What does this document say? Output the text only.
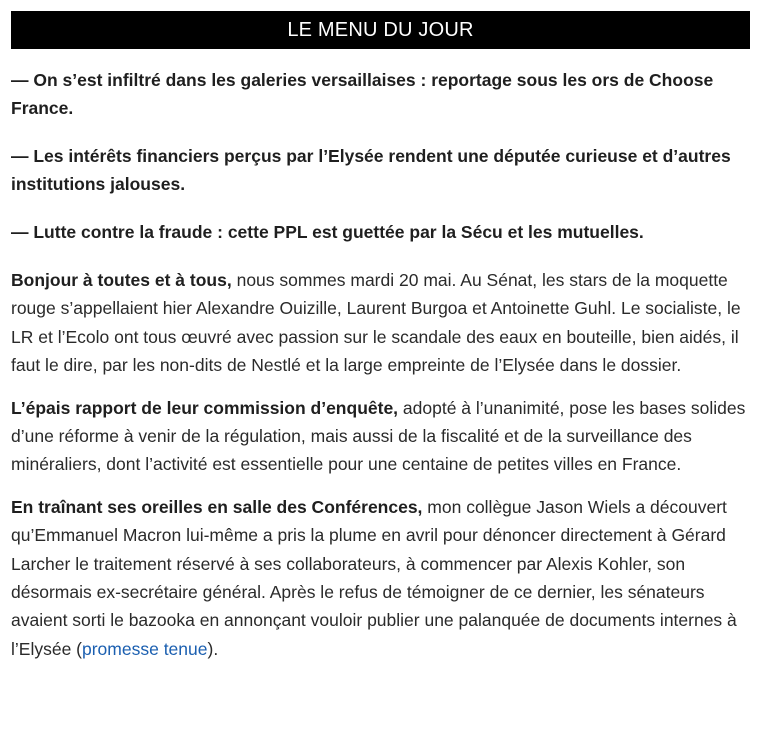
LE MENU DU JOUR

— On s’est infiltré dans les galeries versaillaises : reportage sous les ors de Choose France.

— Les intérêts financiers perçus par l’Elysée rendent une députée curieuse et d’autres institutions jalouses.

— Lutte contre la fraude : cette PPL est guettée par la Sécu et les mutuelles.

Bonjour à toutes et à tous, nous sommes mardi 20 mai. Au Sénat, les stars de la moquette rouge s’appellaient hier Alexandre Ouizille, Laurent Burgoa et Antoinette Guhl. Le socialiste, le LR et l’Ecolo ont tous œuvré avec passion sur le scandale des eaux en bouteille, bien aidés, il faut le dire, par les non-dits de Nestlé et la large empreinte de l’Elysée dans le dossier.

L’épais rapport de leur commission d’enquête, adopté à l’unanimité, pose les bases solides d’une réforme à venir de la régulation, mais aussi de la fiscalité et de la surveillance des minéraliers, dont l’activité est essentielle pour une centaine de petites villes en France.

En traînant ses oreilles en salle des Conférences, mon collègue Jason Wiels a découvert qu’Emmanuel Macron lui-même a pris la plume en avril pour dénoncer directement à Gérard Larcher le traitement réservé à ses collaborateurs, à commencer par Alexis Kohler, son désormais ex-secrétaire général. Après le refus de témoigner de ce dernier, les sénateurs avaient sorti le bazooka en annonçant vouloir publier une palanquée de documents internes à l’Elysée (promesse tenue).
